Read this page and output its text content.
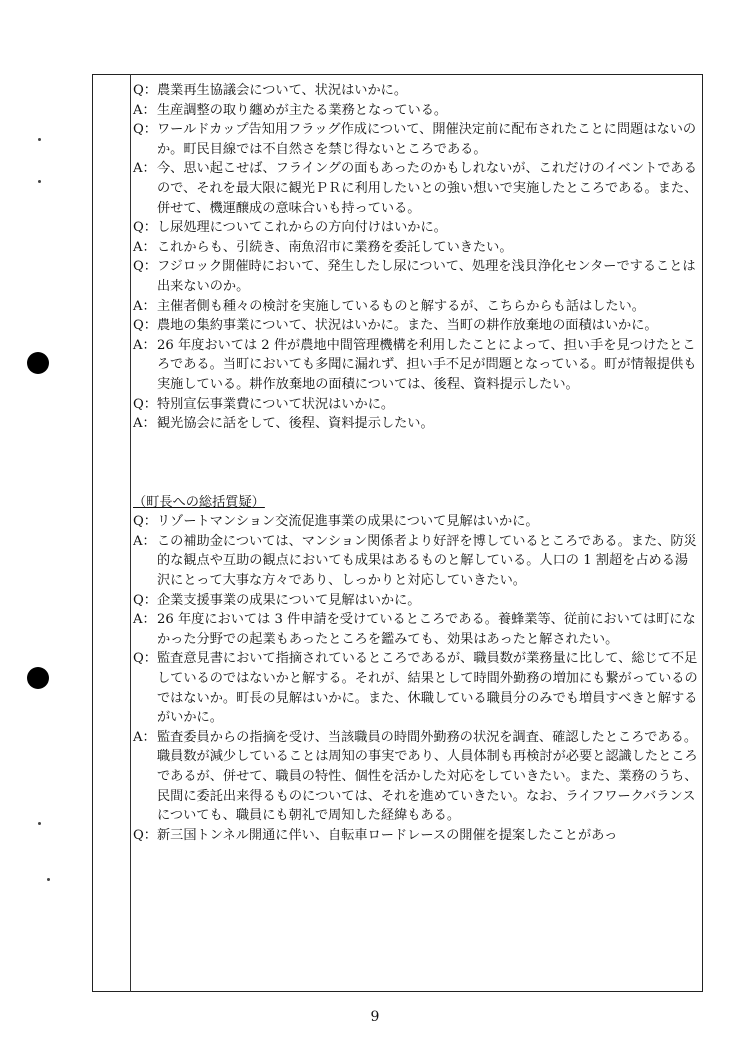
Q： 農業再生協議会について、状況はいかに。
A： 生産調整の取り纏めが主たる業務となっている。
Q： ワールドカップ告知用フラッグ作成について、開催決定前に配布されたことに問題はないのか。町民目線では不自然さを禁じ得ないところである。
A： 今、思い起こせば、フライングの面もあったのかもしれないが、これだけのイベントであるので、それを最大限に観光ＰＲに利用したいとの強い想いで実施したところである。また、併せて、機運醸成の意味合いも持っている。
Q： し尿処理についてこれからの方向付けはいかに。
A： これからも、引続き、南魚沼市に業務を委託していきたい。
Q： フジロック開催時において、発生したし尿について、処理を浅貝浄化センターですることは出来ないのか。
A： 主催者側も種々の検討を実施しているものと解するが、こちらからも話はしたい。
Q： 農地の集約事業について、状況はいかに。また、当町の耕作放棄地の面積はいかに。
A： 26 年度おいては 2 件が農地中間管理機構を利用したことによって、担い手を見つけたところである。当町においても多聞に漏れず、担い手不足が問題となっている。町が情報提供も実施している。耕作放棄地の面積については、後程、資料提示したい。
Q： 特別宣伝事業費について状況はいかに。
A： 観光協会に話をして、後程、資料提示したい。
（町長への総括質疑）
Q： リゾートマンション交流促進事業の成果について見解はいかに。
A： この補助金については、マンション関係者より好評を博しているところである。また、防災的な観点や互助の観点においても成果はあるものと解している。人口の 1 割超を占める湯沢にとって大事な方々であり、しっかりと対応していきたい。
Q： 企業支援事業の成果について見解はいかに。
A： 26 年度においては 3 件申請を受けているところである。養蜂業等、従前においては町になかった分野での起業もあったところを鑑みても、効果はあったと解されたい。
Q： 監査意見書において指摘されているところであるが、職員数が業務量に比して、総じて不足しているのではないかと解する。それが、結果として時間外勤務の増加にも繋がっているのではないか。町長の見解はいかに。また、休職している職員分のみでも増員すべきと解するがいかに。
A： 監査委員からの指摘を受け、当該職員の時間外勤務の状況を調査、確認したところである。職員数が減少していることは周知の事実であり、人員体制も再検討が必要と認識したところであるが、併せて、職員の特性、個性を活かした対応をしていきたい。また、業務のうち、民間に委託出来得るものについては、それを進めていきたい。なお、ライフワークバランスについても、職員にも朝礼で周知した経緯もある。
Q： 新三国トンネル開通に伴い、自転車ロードレースの開催を提案したことがあっ
9
